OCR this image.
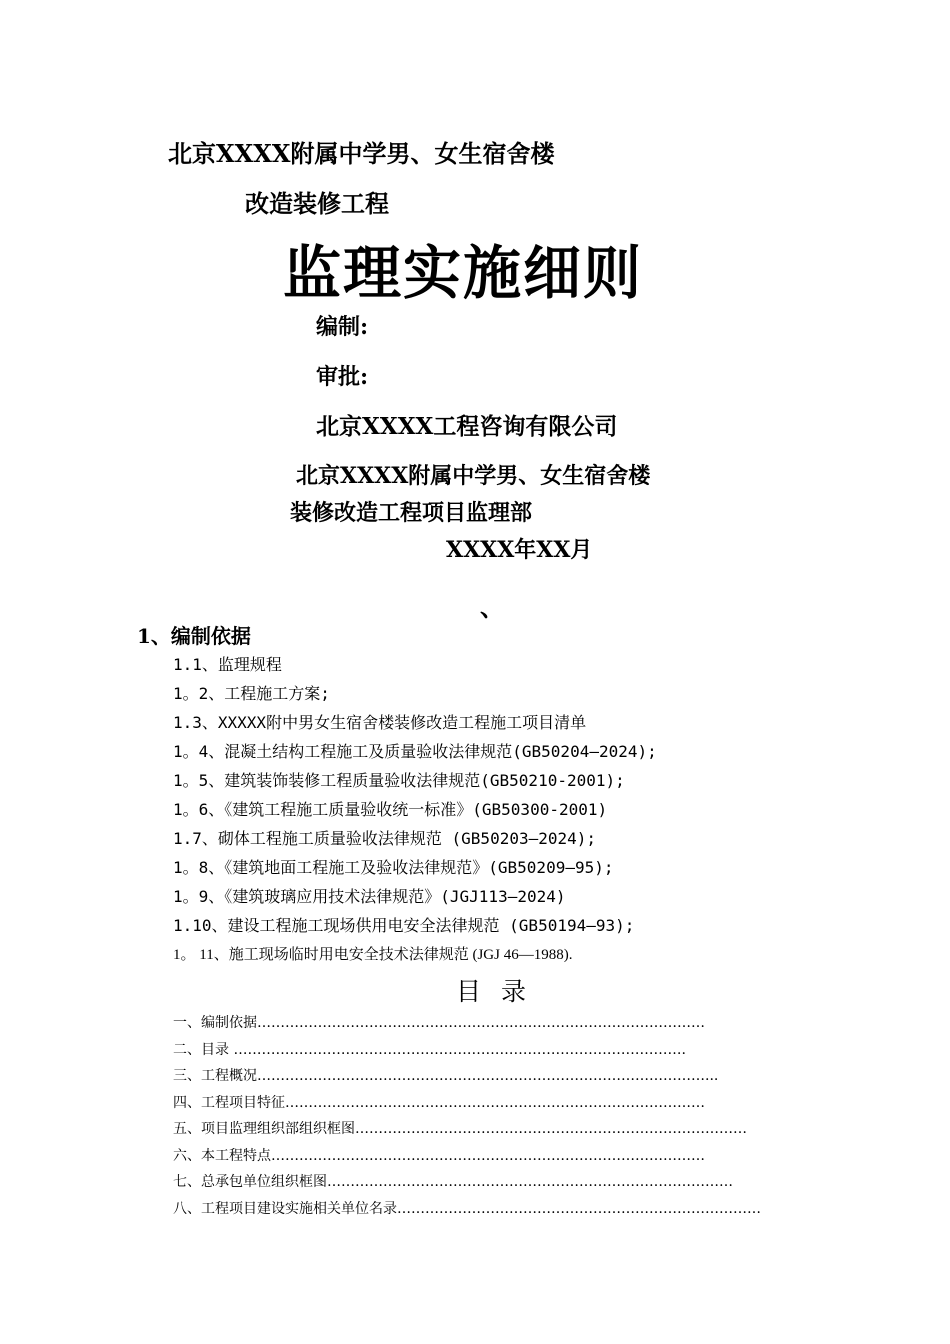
北京XXXX附属中学男、女生宿舍楼
改造装修工程
监理实施细则
编制:
审批:
北京XXXX工程咨询有限公司
北京XXXX附属中学男、女生宿舍楼
装修改造工程项目监理部
XXXX年XX月
、
1、编制依据
1.1、监理规程
1。2、工程施工方案;
1.3、XXXXX附中男女生宿舍楼装修改造工程施工项目清单
1。4、混凝土结构工程施工及质量验收法律规范(GB50204—2024);
1。5、建筑装饰装修工程质量验收法律规范(GB50210-2001);
1。6、《建筑工程施工质量验收统一标准》(GB50300-2001)
1.7、砌体工程施工质量验收法律规范 (GB50203—2024);
1。8、《建筑地面工程施工及验收法律规范》(GB50209—95);
1。9、《建筑玻璃应用技术法律规范》(JGJ113—2024)
1.10、建设工程施工现场供用电安全法律规范 (GB50194—93);
1。 11、施工现场临时用电安全技术法律规范 (JGJ 46—1988).
目 录
一、编制依据……………………………………………………………………………………
二、目录 …………………………………………………………………………………….
三、工程概况……………………………………………………………………………………...
四、工程项目特征………………………………………………………………………………
五、项目监理组织部组织框图…………………………………………………………………………
六、本工程特点…………………………………………………………………………………
七、总承包单位组织框图……………………………………………………………………………
八、工程项目建设实施相关单位名录……………………………………………………………………
